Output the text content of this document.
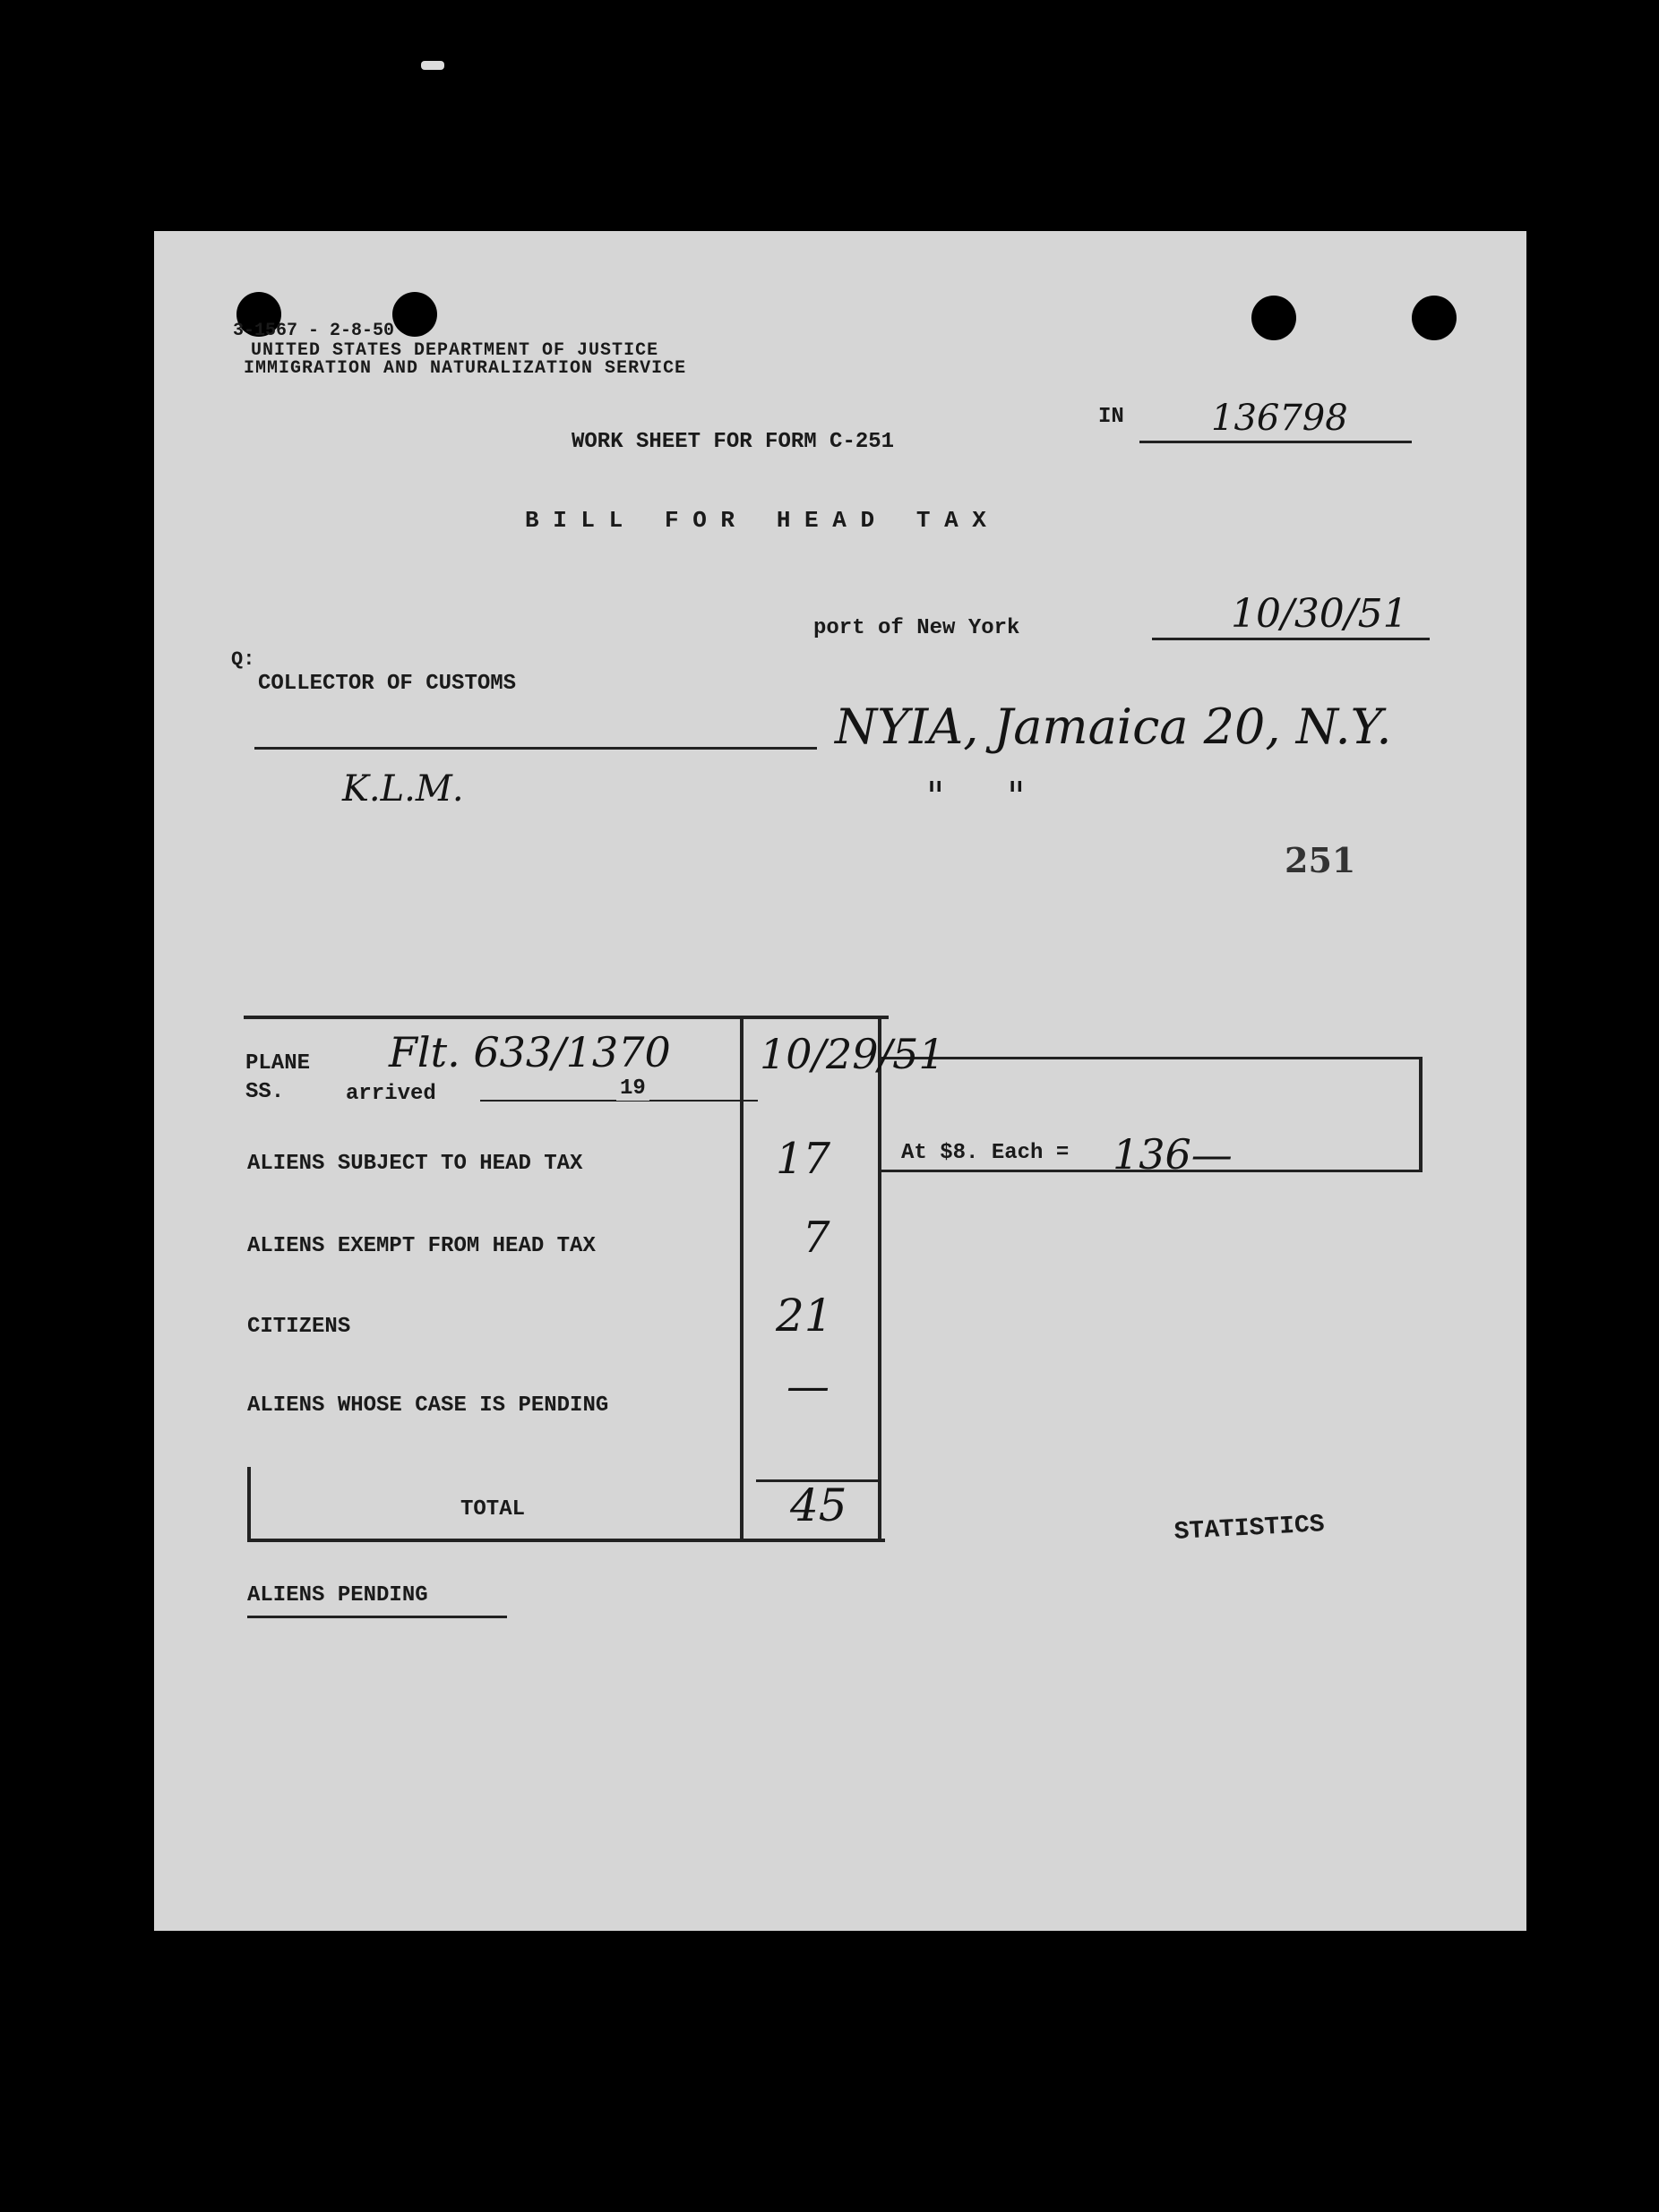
3-1567 - 2-8-50
UNITED STATES DEPARTMENT OF JUSTICE
IMMIGRATION AND NATURALIZATION SERVICE
WORK SHEET FOR FORM C-251
IN 136798
B I L L   F O R   H E A D   T A X
port of New York	10/30/51
Q:
COLLECTOR OF CUSTOMS
NYIA, Jamaica 20, N.Y.
K.L.M.	"     "
251
PLANE
SS.	arrived	19
Flt. 633/1370 10/29/51
ALIENS SUBJECT TO HEAD TAX	17	At $8. Each = 136—
ALIENS EXEMPT FROM HEAD TAX	7
CITIZENS	21
ALIENS WHOSE CASE IS PENDING	—
TOTAL	45	STATISTICS
ALIENS PENDING
